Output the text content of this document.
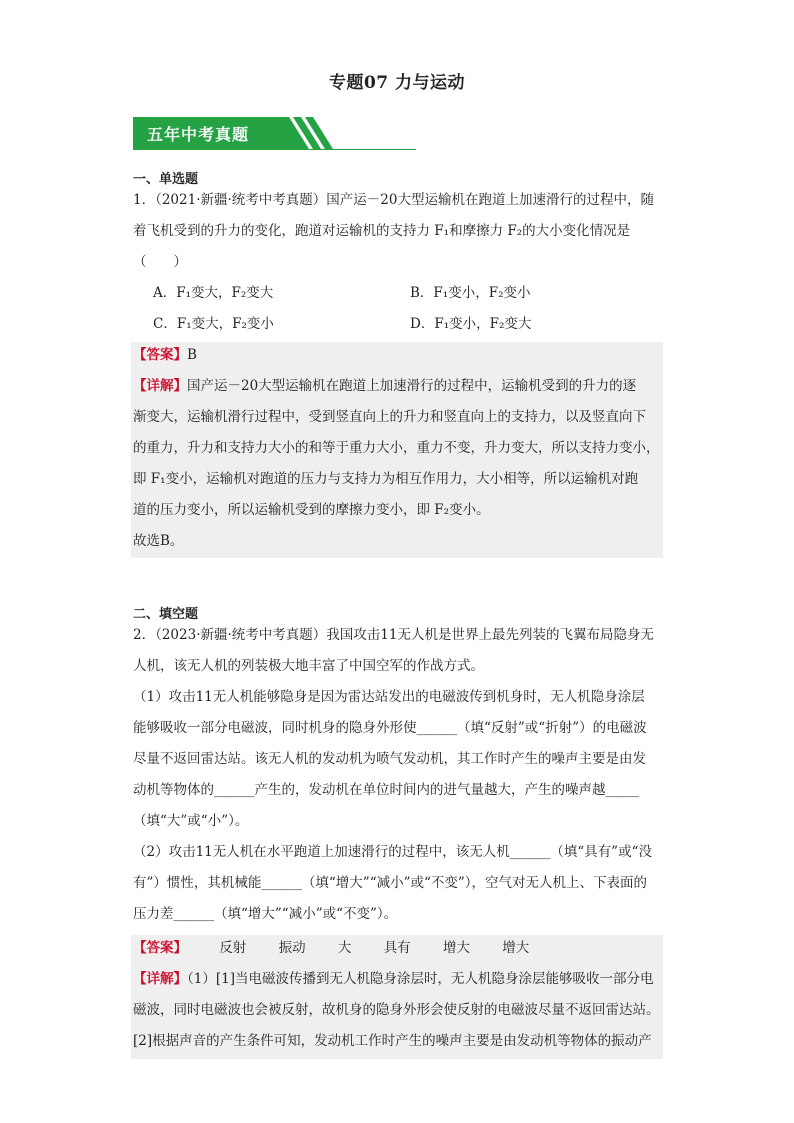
专题07 力与运动
五年中考真题
一、单选题
1．（2021·新疆·统考中考真题）国产运－20大型运输机在跑道上加速滑行的过程中，随
着飞机受到的升力的变化，跑道对运输机的支持力 F₁和摩擦力 F₂的大小变化情况是
（　　）
A．F₁变大，F₂变大	B．F₁变小，F₂变小
C．F₁变大，F₂变小	D．F₁变小，F₂变大
【答案】B
【详解】国产运－20大型运输机在跑道上加速滑行的过程中，运输机受到的升力的逐
渐变大，运输机滑行过程中，受到竖直向上的升力和竖直向上的支持力，以及竖直向下
的重力，升力和支持力大小的和等于重力大小，重力不变，升力变大，所以支持力变小，
即 F₁变小，运输机对跑道的压力与支持力为相互作用力，大小相等，所以运输机对跑
道的压力变小，所以运输机受到的摩擦力变小，即 F₂变小。
故选B。
二、填空题
2．（2023·新疆·统考中考真题）我国攻击11无人机是世界上最先列装的飞翼布局隐身无
人机，该无人机的列装极大地丰富了中国空军的作战方式。
（1）攻击11无人机能够隐身是因为雷达站发出的电磁波传到机身时，无人机隐身涂层
能够吸收一部分电磁波，同时机身的隐身外形使______（填“反射”或“折射”）的电磁波
尽量不返回雷达站。该无人机的发动机为喷气发动机，其工作时产生的噪声主要是由发
动机等物体的______产生的，发动机在单位时间内的进气量越大，产生的噪声越_____
（填“大”或“小”）。
（2）攻击11无人机在水平跑道上加速滑行的过程中，该无人机______（填“具有”或“没
有”）惯性，其机械能______（填“增大”“减小”或“不变”），空气对无人机上、下表面的
压力差______（填“增大”“减小”或“不变”）。
【答案】 反射 振动 大 具有 增大 增大
【详解】（1）[1]当电磁波传播到无人机隐身涂层时，无人机隐身涂层能够吸收一部分电
磁波，同时电磁波也会被反射，故机身的隐身外形会使反射的电磁波尽量不返回雷达站。
[2]根据声音的产生条件可知，发动机工作时产生的噪声主要是由发动机等物体的振动产
